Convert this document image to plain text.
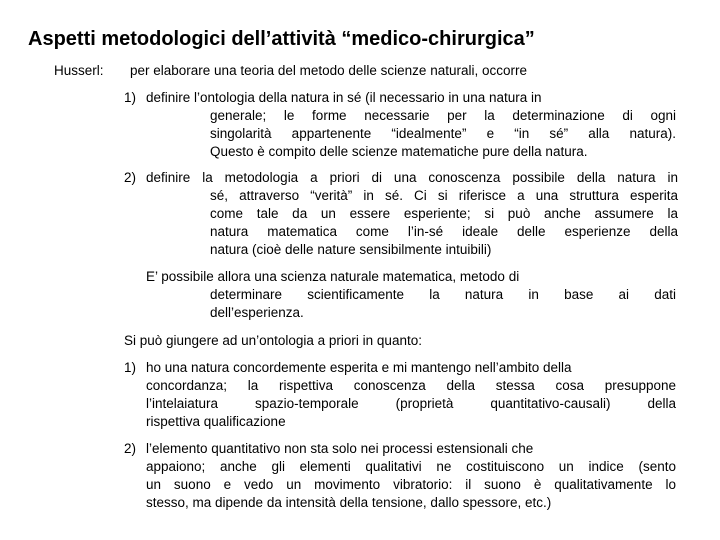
Aspetti metodologici dell’attività “medico-chirurgica”
Husserl: per elaborare una teoria del metodo delle scienze naturali, occorre
1) definire l’ontologia della natura in sé (il necessario in una natura in
generale; le forme necessarie per la determinazione di ogni
singolarità appartenente “idealmente” e “in sé” alla natura).
Questo è compito delle scienze matematiche pure della natura.
2) definire la metodologia a priori di una conoscenza possibile della natura in
sé, attraverso “verità” in sé. Ci si riferisce a una struttura esperita
come tale da un essere esperiente; si può anche assumere la
natura matematica come l’in-sé ideale delle esperienze della
natura (cioè delle nature sensibilmente intuibili)
E’ possibile allora una scienza naturale matematica, metodo di
determinare scientificamente la natura in base ai dati
dell’esperienza.
Si può giungere ad un’ontologia a priori in quanto:
1) ho una natura concordemente esperita e mi mantengo nell’ambito della
concordanza; la rispettiva conoscenza della stessa cosa presuppone
l’intelaiatura spazio-temporale (proprietà quantitativo-causali) della
rispettiva qualificazione
2) l’elemento quantitativo non sta solo nei processi estensionali che
appaiono; anche gli elementi qualitativi ne costituiscono un indice (sento
un suono e vedo un movimento vibratorio: il suono è qualitativamente lo
stesso, ma dipende da intensità della tensione, dallo spessore, etc.)
